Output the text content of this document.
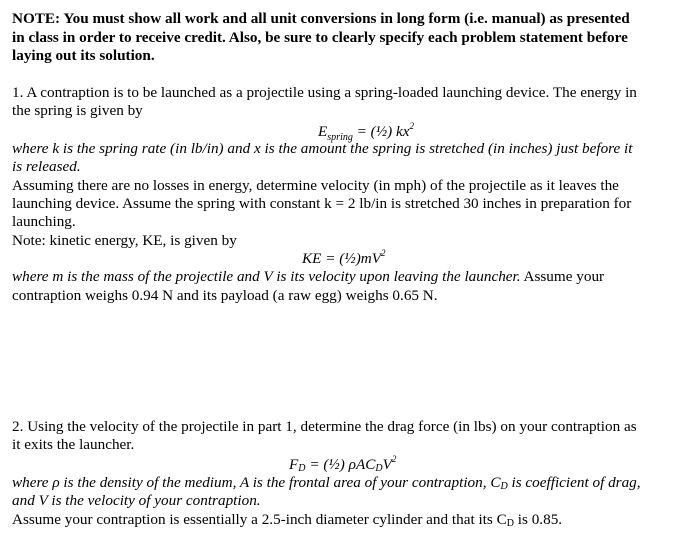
NOTE: You must show all work and all unit conversions in long form (i.e. manual) as presented
in class in order to receive credit. Also, be sure to clearly specify each problem statement before
laying out its solution.
1. A contraption is to be launched as a projectile using a spring-loaded launching device. The energy in
the spring is given by
$E_{spring}$ = (½) $kx^2$
where k is the spring rate (in lb/in) and x is the amount the spring is stretched (in inches) just before it
is released.
Assuming there are no losses in energy, determine velocity (in mph) of the projectile as it leaves the
launching device. Assume the spring with constant k = 2 lb/in is stretched 30 inches in preparation for
launching.
Note: kinetic energy, KE, is given by
KE = $(\frac{1}{2})mV^2$
where m is the mass of the projectile and V is its velocity upon leaving the launcher. Assume your
contraption weighs 0.94 N and its payload (a raw egg) weighs 0.65 N.
2. Using the velocity of the projectile in part 1, determine the drag force (in lbs) on your contraption as
it exits the launcher.
FD = (½) ρACDV$^2$
where ρ is the density of the medium, A is the frontal area of your contraption, CD is coefficient of drag,
and V is the velocity of your contraption.
Assume your contraption is essentially a 2.5-inch diameter cylinder and that its CD is 0.85.
